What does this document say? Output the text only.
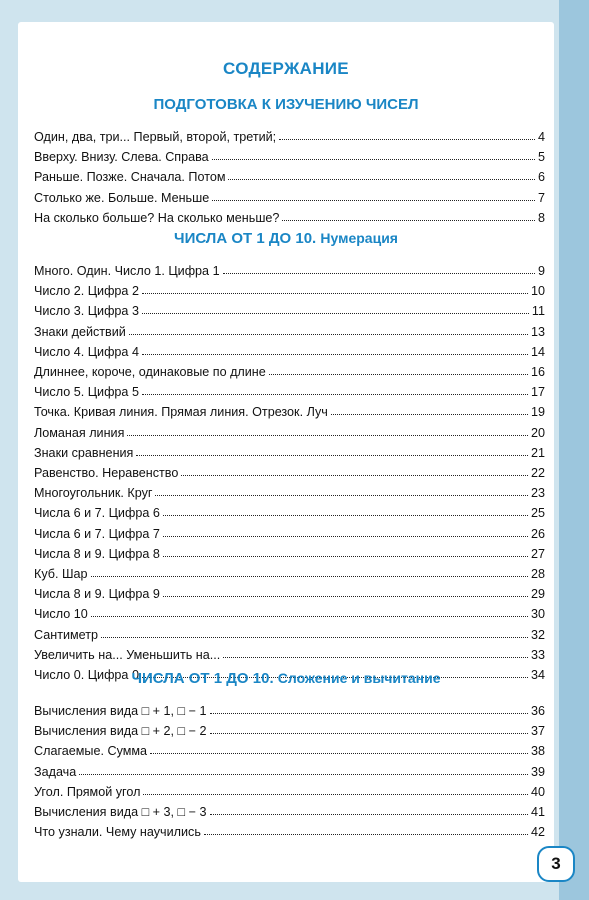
СОДЕРЖАНИЕ
ПОДГОТОВКА К ИЗУЧЕНИЮ ЧИСЕЛ
Один, два, три... Первый, второй, третий;	4
Вверху. Внизу. Слева. Справа	5
Раньше. Позже. Сначала. Потом	6
Столько же. Больше. Меньше	7
На сколько больше? На сколько меньше?	8
ЧИСЛА ОТ 1 ДО 10. Нумерация
Много. Один. Число 1. Цифра 1	9
Число 2. Цифра 2	10
Число 3. Цифра 3	11
Знаки действий	13
Число 4. Цифра 4	14
Длиннее, короче, одинаковые по длине	16
Число 5. Цифра 5	17
Точка. Кривая линия. Прямая линия. Отрезок. Луч	19
Ломаная линия	20
Знаки сравнения	21
Равенство. Неравенство	22
Многоугольник. Круг	23
Числа 6 и 7. Цифра 6	25
Числа 6 и 7. Цифра 7	26
Числа 8 и 9. Цифра 8	27
Куб. Шар	28
Числа 8 и 9. Цифра 9	29
Число 10	30
Сантиметр	32
Увеличить на... Уменьшить на...	33
Число 0. Цифра 0	34
ЧИСЛА ОТ 1 ДО 10. Сложение и вычитание
Вычисления вида □ + 1, □ − 1	36
Вычисления вида □ + 2, □ − 2	37
Слагаемые. Сумма	38
Задача	39
Угол. Прямой угол	40
Вычисления вида □ + 3, □ − 3	41
Что узнали. Чему научились	42
3
